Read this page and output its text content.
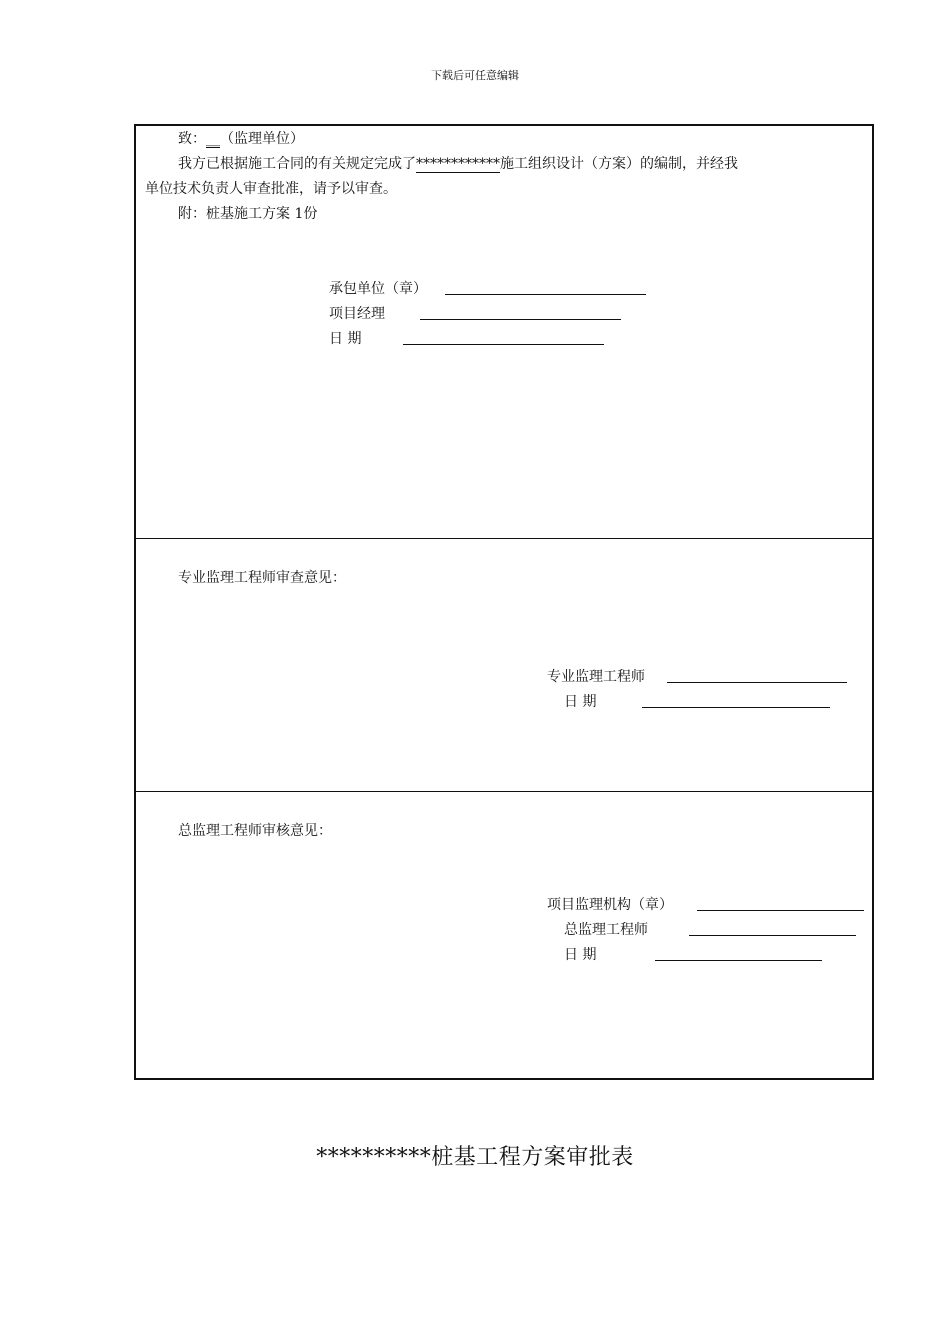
下载后可任意编辑
致：__（监理单位）
我方已根据施工合同的有关规定完成了************施工组织设计（方案）的编制，并经我
单位技术负责人审查批准，请予以审查。
附：桩基施工方案 1份
承包单位（章）
项目经理
日 期
专业监理工程师审查意见：
专业监理工程师
日 期
总监理工程师审核意见：
项目监理机构（章）
总监理工程师
日 期
**********桩基工程方案审批表
